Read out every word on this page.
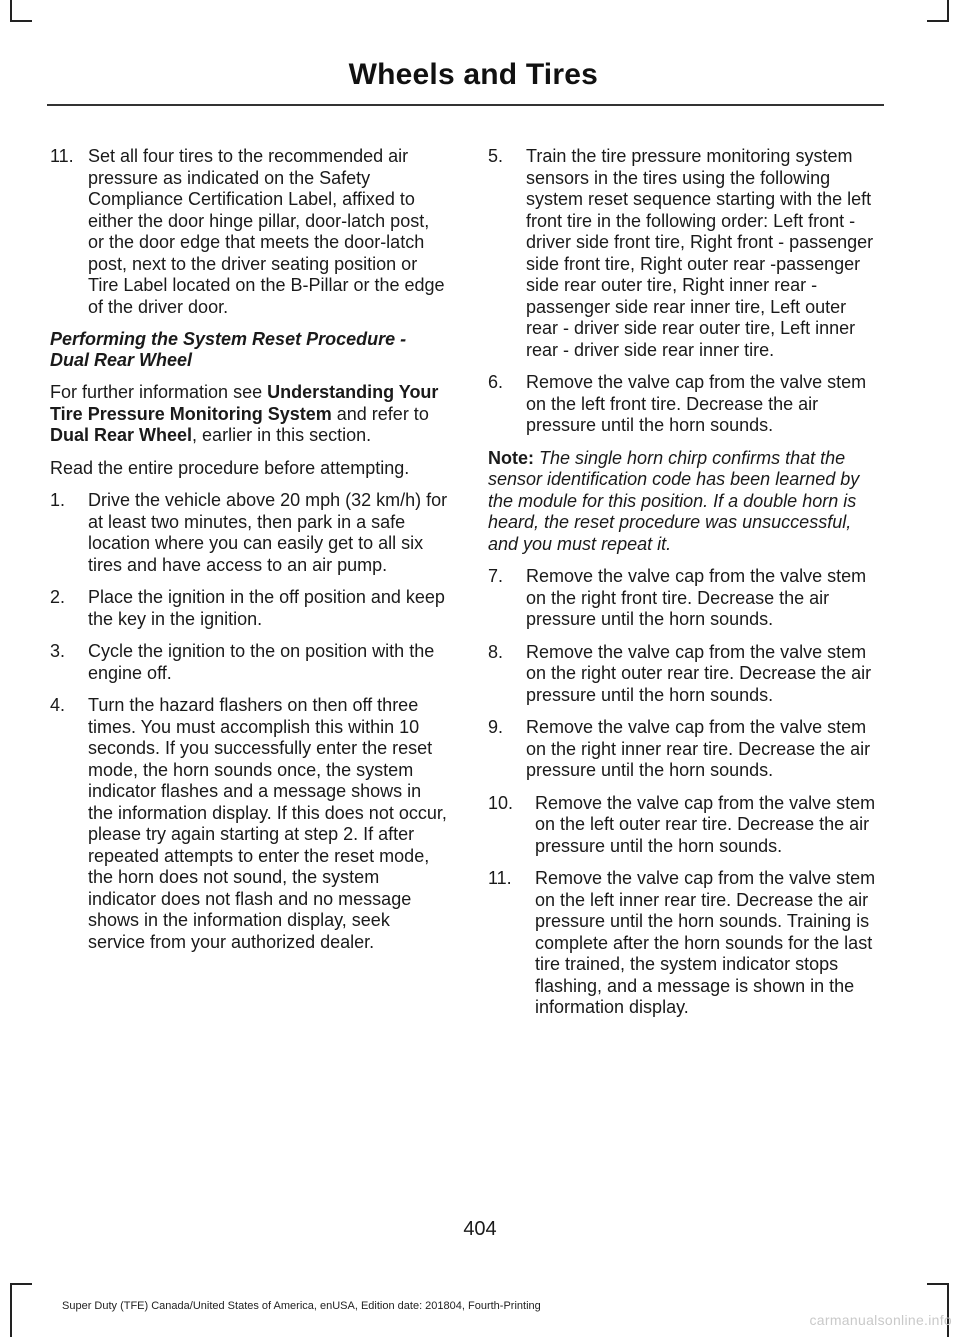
Wheels and Tires
11. Set all four tires to the recommended air pressure as indicated on the Safety Compliance Certification Label, affixed to either the door hinge pillar, door-latch post, or the door edge that meets the door-latch post, next to the driver seating position or Tire Label located on the B-Pillar or the edge of the driver door.
Performing the System Reset Procedure - Dual Rear Wheel

For further information see Understanding Your Tire Pressure Monitoring System and refer to Dual Rear Wheel, earlier in this section.

Read the entire procedure before attempting.

1.	Drive the vehicle above 20 mph (32 km/h) for at least two minutes, then park in a safe location where you can easily get to all six tires and have access to an air pump.
2.	Place the ignition in the off position and keep the key in the ignition.
3.	Cycle the ignition to the on position with the engine off.
4.	Turn the hazard flashers on then off three times. You must accomplish this within 10 seconds. If you successfully enter the reset mode, the horn sounds once, the system indicator flashes and a message shows in the information display. If this does not occur, please try again starting at step 2. If after repeated attempts to enter the reset mode, the horn does not sound, the system indicator does not flash and no message shows in the information display, seek service from your authorized dealer.
5.	Train the tire pressure monitoring system sensors in the tires using the following system reset sequence starting with the left front tire in the following order: Left front - driver side front tire, Right front - passenger side front tire, Right outer rear -passenger side rear outer tire, Right inner rear - passenger side rear inner tire, Left outer rear - driver side rear outer tire, Left inner rear - driver side rear inner tire.
6.	Remove the valve cap from the valve stem on the left front tire. Decrease the air pressure until the horn sounds.

Note: The single horn chirp confirms that the sensor identification code has been learned by the module for this position. If a double horn is heard, the reset procedure was unsuccessful, and you must repeat it.

7.	Remove the valve cap from the valve stem on the right front tire. Decrease the air pressure until the horn sounds.
8.	Remove the valve cap from the valve stem on the right outer rear tire. Decrease the air pressure until the horn sounds.
9.	Remove the valve cap from the valve stem on the right inner rear tire. Decrease the air pressure until the horn sounds.
10.	Remove the valve cap from the valve stem on the left outer rear tire. Decrease the air pressure until the horn sounds.
11.	Remove the valve cap from the valve stem on the left inner rear tire. Decrease the air pressure until the horn sounds. Training is complete after the horn sounds for the last tire trained, the system indicator stops flashing, and a message is shown in the information display.
404
Super Duty (TFE) Canada/United States of America, enUSA, Edition date: 201804, Fourth-Printing
carmanualsonline.info
